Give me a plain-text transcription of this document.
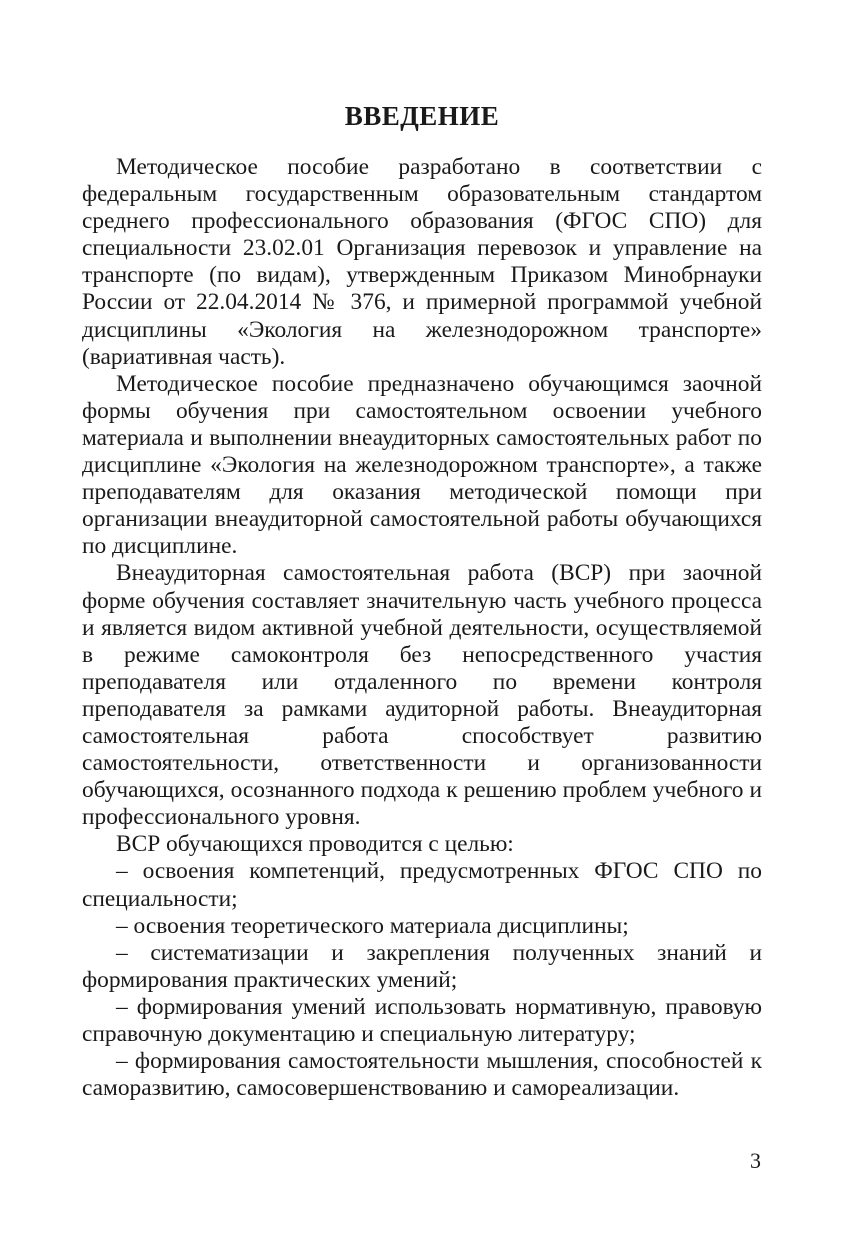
ВВЕДЕНИЕ

Методическое пособие разработано в соответствии с федеральным государственным образовательным стандартом среднего профессионального образования (ФГОС СПО) для специальности 23.02.01 Организация перевозок и управление на транспорте (по видам), утвержденным Приказом Минобрнауки России от 22.04.2014 № 376, и примерной программой учебной дисциплины «Экология на железнодорожном транспорте» (вариативная часть).

Методическое пособие предназначено обучающимся заочной формы обучения при самостоятельном освоении учебного материала и выполнении внеаудиторных самостоятельных работ по дисциплине «Экология на железнодорожном транспорте», а также преподавателям для оказания методической помощи при организации внеаудиторной самостоятельной работы обучающихся по дисциплине.

Внеаудиторная самостоятельная работа (ВСР) при заочной форме обучения составляет значительную часть учебного процесса и является видом активной учебной деятельности, осуществляемой в режиме самоконтроля без непосредственного участия преподавателя или отдаленного по времени контроля преподавателя за рамками аудиторной работы. Внеаудиторная самостоятельная работа способствует развитию самостоятельности, ответственности и организованности обучающихся, осознанного подхода к решению проблем учебного и профессионального уровня.

ВСР обучающихся проводится с целью:

– освоения компетенций, предусмотренных ФГОС СПО по специальности;

– освоения теоретического материала дисциплины;

– систематизации и закрепления полученных знаний и формирования практических умений;

– формирования умений использовать нормативную, правовую справочную документацию и специальную литературу;

– формирования самостоятельности мышления, способностей к саморазвитию, самосовершенствованию и самореализации.

3
